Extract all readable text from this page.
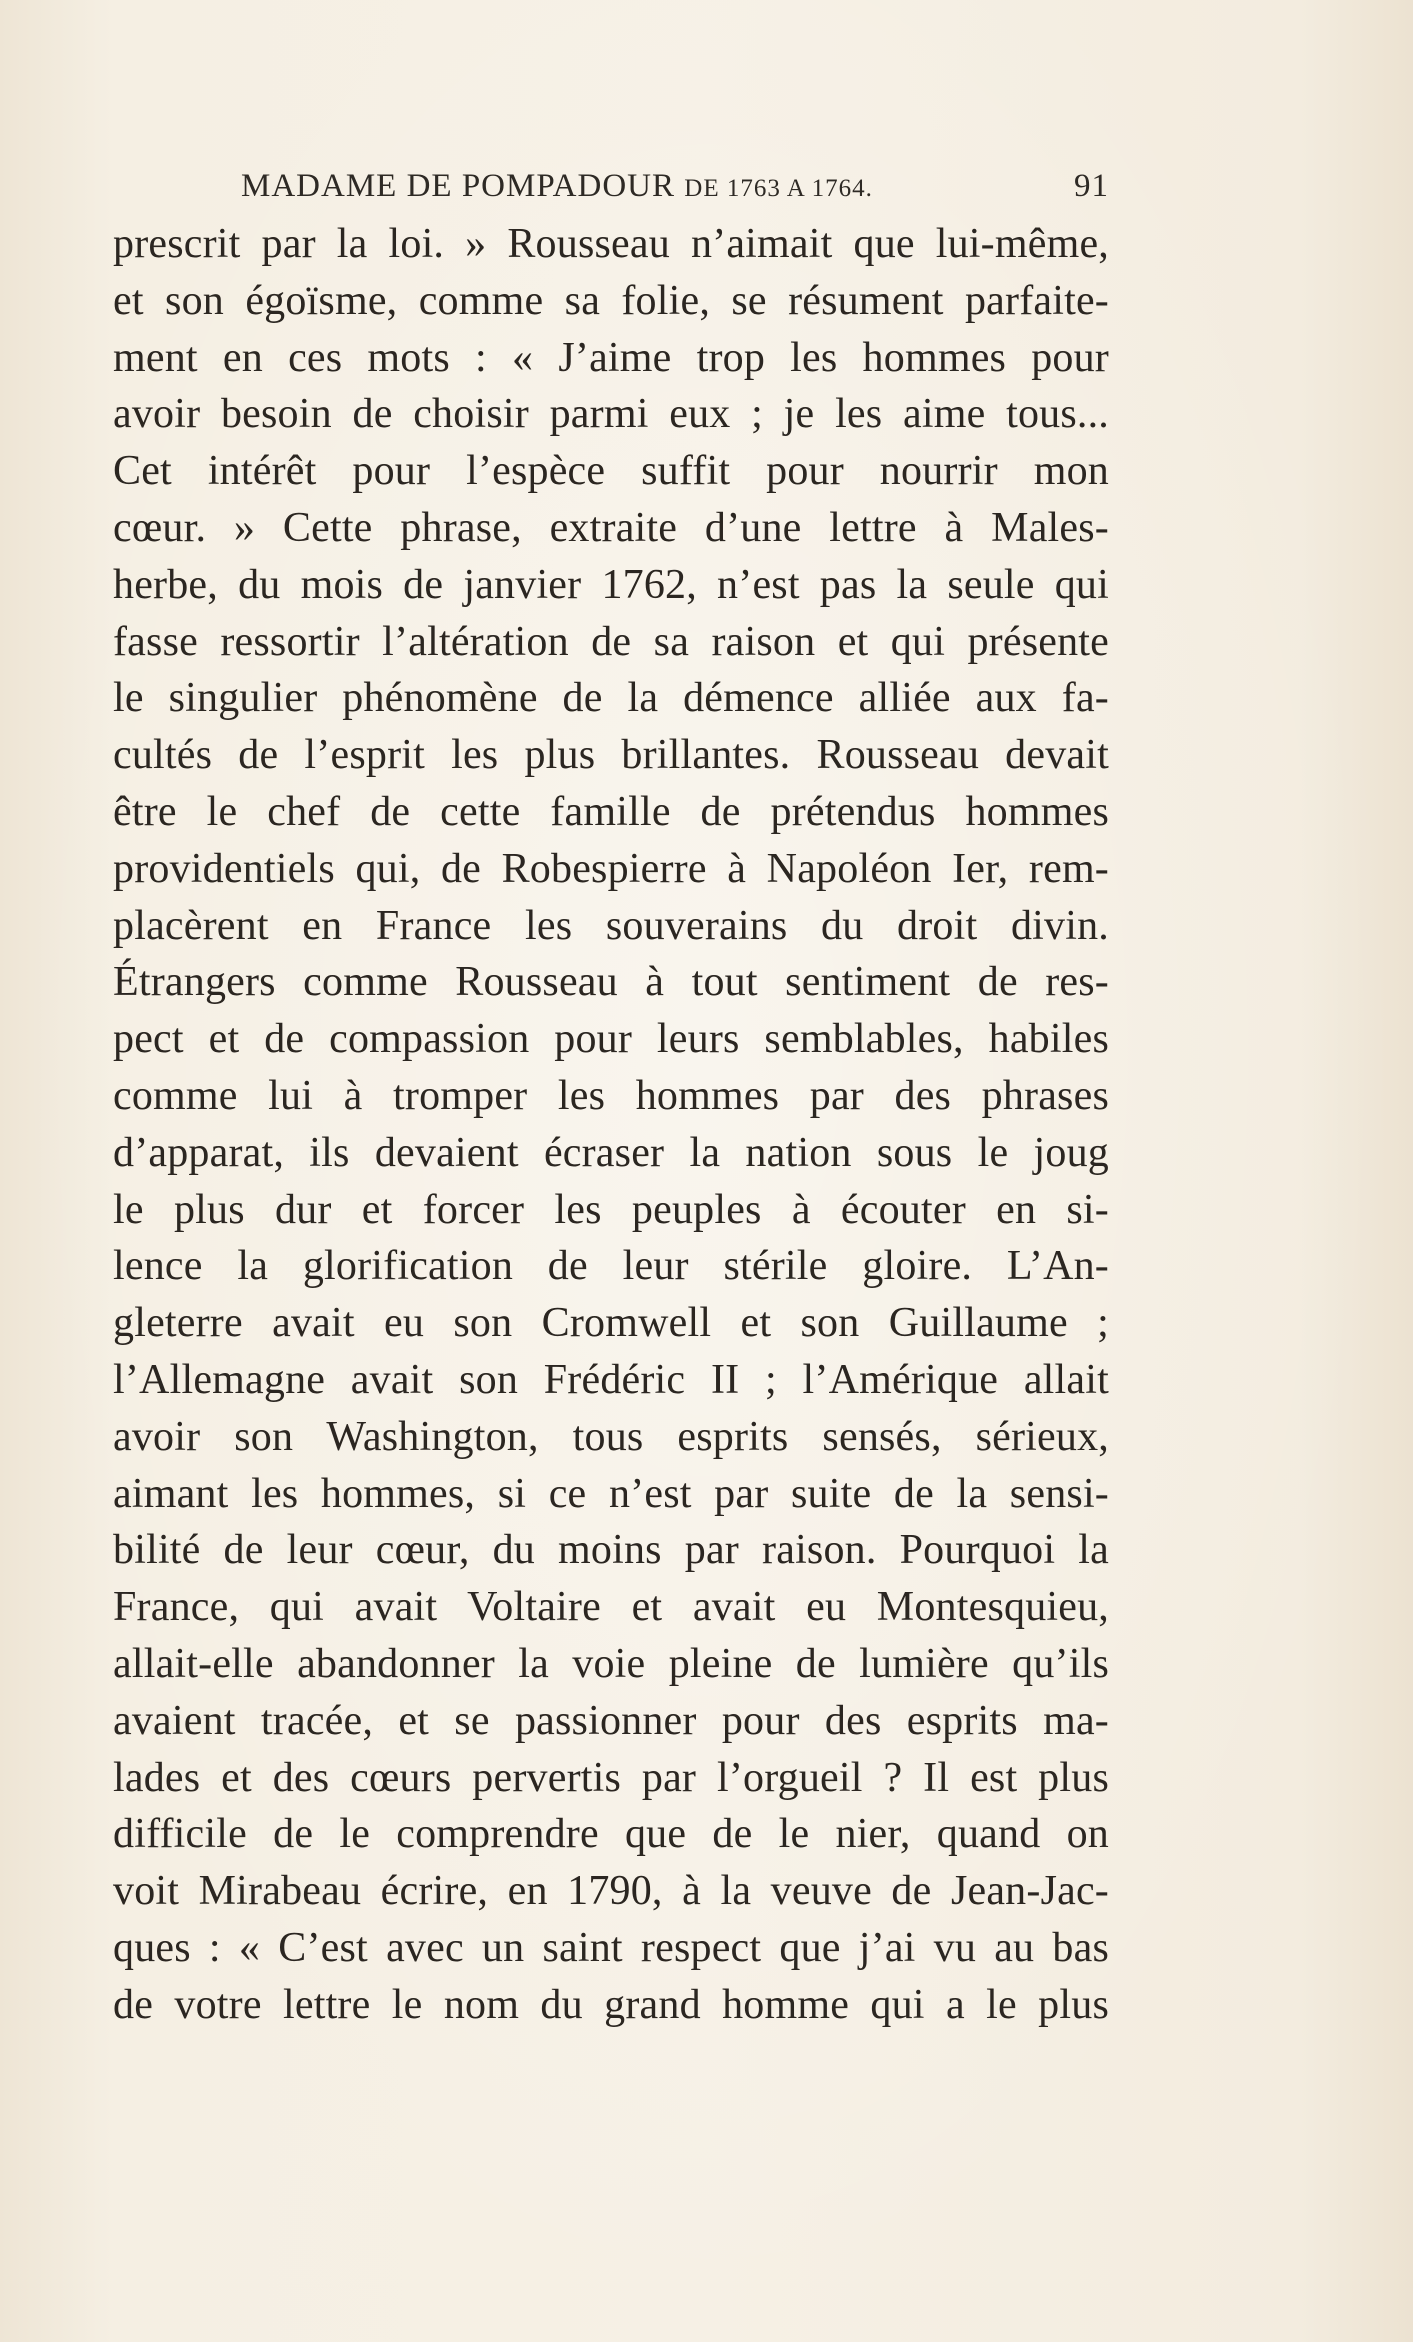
MADAME DE POMPADOUR DE 1763 A 1764.	91
prescrit par la loi. » Rousseau n’aimait que lui-même,
et son égoïsme, comme sa folie, se résument parfaite-
ment en ces mots : « J’aime trop les hommes pour
avoir besoin de choisir parmi eux ; je les aime tous...
Cet intérêt pour l’espèce suffit pour nourrir mon
cœur. » Cette phrase, extraite d’une lettre à Males-
herbe, du mois de janvier 1762, n’est pas la seule qui
fasse ressortir l’altération de sa raison et qui présente
le singulier phénomène de la démence alliée aux fa-
cultés de l’esprit les plus brillantes. Rousseau devait
être le chef de cette famille de prétendus hommes
providentiels qui, de Robespierre à Napoléon Ier, rem-
placèrent en France les souverains du droit divin.
Étrangers comme Rousseau à tout sentiment de res-
pect et de compassion pour leurs semblables, habiles
comme lui à tromper les hommes par des phrases
d’apparat, ils devaient écraser la nation sous le joug
le plus dur et forcer les peuples à écouter en si-
lence la glorification de leur stérile gloire. L’An-
gleterre avait eu son Cromwell et son Guillaume ;
l’Allemagne avait son Frédéric II ; l’Amérique allait
avoir son Washington, tous esprits sensés, sérieux,
aimant les hommes, si ce n’est par suite de la sensi-
bilité de leur cœur, du moins par raison. Pourquoi la
France, qui avait Voltaire et avait eu Montesquieu,
allait-elle abandonner la voie pleine de lumière qu’ils
avaient tracée, et se passionner pour des esprits ma-
lades et des cœurs pervertis par l’orgueil ? Il est plus
difficile de le comprendre que de le nier, quand on
voit Mirabeau écrire, en 1790, à la veuve de Jean-Jac-
ques : « C’est avec un saint respect que j’ai vu au bas
de votre lettre le nom du grand homme qui a le plus
